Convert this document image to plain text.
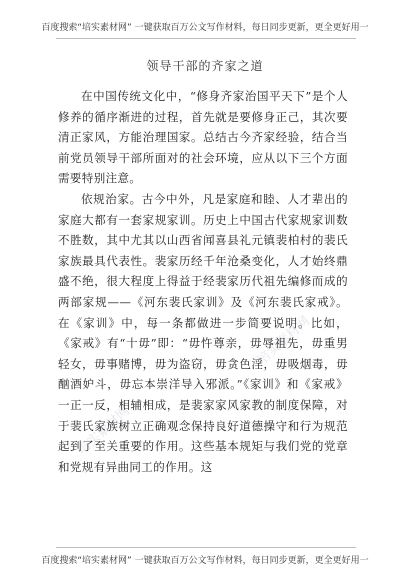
百度搜索“培实素材网” 一键获取百万公文写作材料，每日同步更新，更全更好用一
培实素材网
培实素材网
领导干部的齐家之道

在中国传统文化中，“修身齐家治国平天下”是个人修养的循序渐进的过程，首先就是要修身正己，其次要清正家风，方能治理国家。总结古今齐家经验，结合当前党员领导干部所面对的社会环境，应从以下三个方面需要特别注意。

依规治家。古今中外，凡是家庭和睦、人才辈出的家庭大都有一套家规家训。历史上中国古代家规家训数不胜数，其中尤其以山西省闻喜县礼元镇裴柏村的裴氏家族最具代表性。裴家历经千年沧桑变化，人才始终鼎盛不绝，很大程度上得益于经裴家历代祖先编修而成的两部家规——《河东裴氏家训》及《河东裴氏家戒》。在《家训》中，每一条都做进一步简要说明。比如，《家戒》有“十毋”即：“毋忤尊亲，毋辱祖先，毋重男轻女，毋事赌博，毋为盗窃，毋贪色淫，毋吸烟毒，毋酗酒妒斗，毋忘本崇洋导入邪派。”《家训》和《家戒》一正一反，相辅相成，是裴家家风家教的制度保障，对于裴氏家族树立正确观念保持良好道德操守和行为规范起到了至关重要的作用。这些基本规矩与我们党的党章和党规有异曲同工的作用。这

百度搜索“培实素材网” 一键获取百万公文写作材料，每日同步更新，更全更好用一
